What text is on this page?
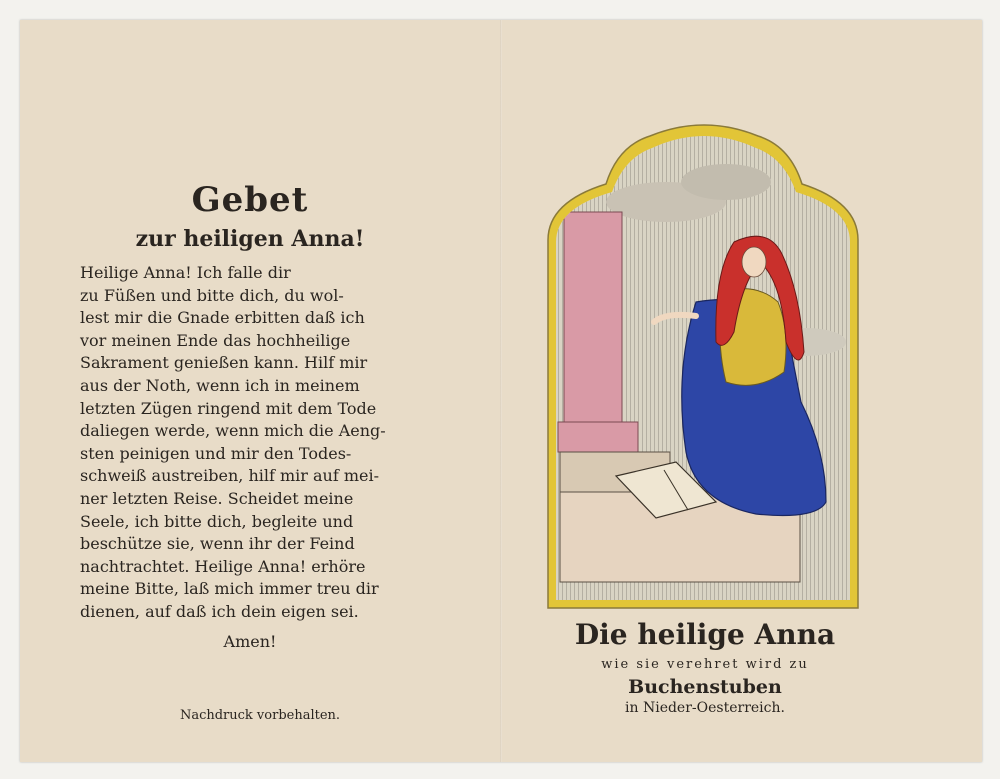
Gebet
zur heiligen Anna!
Heilige Anna! Ich falle dir
zu Füßen und bitte dich, du wol-
lest mir die Gnade erbitten daß ich
vor meinen Ende das hochheilige
Sakrament genießen kann. Hilf mir
aus der Noth, wenn ich in meinem
letzten Zügen ringend mit dem Tode
daliegen werde, wenn mich die Aeng-
sten peinigen und mir den Todes-
schweiß austreiben, hilf mir auf mei-
ner letzten Reise. Scheidet meine
Seele, ich bitte dich, begleite und
beschütze sie, wenn ihr der Feind
nachtrachtet. Heilige Anna! erhöre
meine Bitte, laß mich immer treu dir
dienen, auf daß ich dein eigen sei.
Amen!
Nachdruck vorbehalten.
Die heilige Anna
wie sie verehret wird zu
Buchenstuben
in Nieder-Oesterreich.
